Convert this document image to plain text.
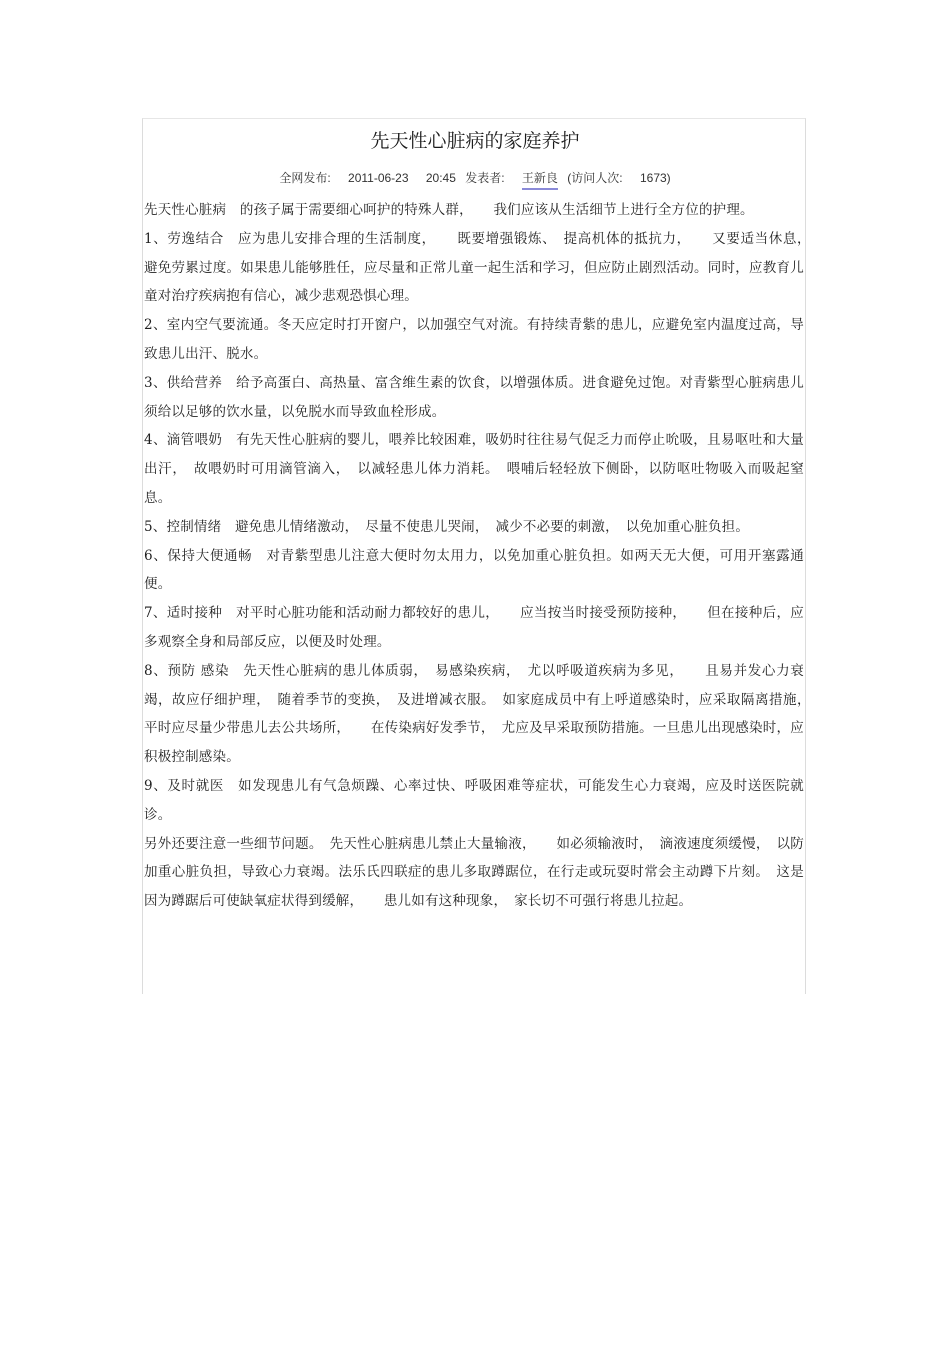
先天性心脏病的家庭养护
全网发布: 2011-06-23 20:45 发表者: 王新良 (访问人次: 1673)

先天性心脏病　的孩子属于需要细心呵护的特殊人群，　　我们应该从生活细节上进行全方位的护理。

1、劳逸结合　应为患儿安排合理的生活制度，　　既要增强锻炼、　提高机体的抵抗力，　　又要适当休息，　避免劳累过度。如果患儿能够胜任，应尽量和正常儿童一起生活和学习，但应防止剧烈活动。同时，应教育儿童对治疗疾病抱有信心，减少悲观恐惧心理。

2、室内空气要流通。冬天应定时打开窗户，以加强空气对流。有持续青紫的患儿，应避免室内温度过高，导致患儿出汗、脱水。

3、供给营养　给予高蛋白、高热量、富含维生素的饮食，以增强体质。进食避免过饱。对青紫型心脏病患儿须给以足够的饮水量，以免脱水而导致血栓形成。

4、滴管喂奶　有先天性心脏病的婴儿，喂养比较困难，吸奶时往往易气促乏力而停止吮吸，且易呕吐和大量出汗，　故喂奶时可用滴管滴入，　以减轻患儿体力消耗。　喂哺后轻轻放下侧卧，以防呕吐物吸入而吸起窒息。

5、控制情绪　避免患儿情绪激动，　尽量不使患儿哭闹，　减少不必要的刺激，　以免加重心脏负担。

6、保持大便通畅　对青紫型患儿注意大便时勿太用力，以免加重心脏负担。如两天无大便，可用开塞露通便。

7、适时接种　对平时心脏功能和活动耐力都较好的患儿，　　应当按当时接受预防接种，　　但在接种后，应多观察全身和局部反应，以便及时处理。

8、预防 感染　先天性心脏病的患儿体质弱，　易感染疾病，　尤以呼吸道疾病为多见，　　且易并发心力衰竭，故应仔细护理，　随着季节的变换，　及进增减衣服。　如家庭成员中有上呼道感染时，应采取隔离措施，　平时应尽量少带患儿去公共场所，　　在传染病好发季节，　尤应及早采取预防措施。一旦患儿出现感染时，应积极控制感染。

9、及时就医　如发现患儿有气急烦躁、心率过快、呼吸困难等症状，可能发生心力衰竭，应及时送医院就诊。

另外还要注意一些细节问题。　先天性心脏病患儿禁止大量输液，　　如必须输液时，　滴液速度须缓慢，　以防加重心脏负担，导致心力衰竭。法乐氏四联症的患儿多取蹲踞位，在行走或玩耍时常会主动蹲下片刻。　这是因为蹲踞后可使缺氧症状得到缓解，　　患儿如有这种现象，　家长切不可强行将患儿拉起。
